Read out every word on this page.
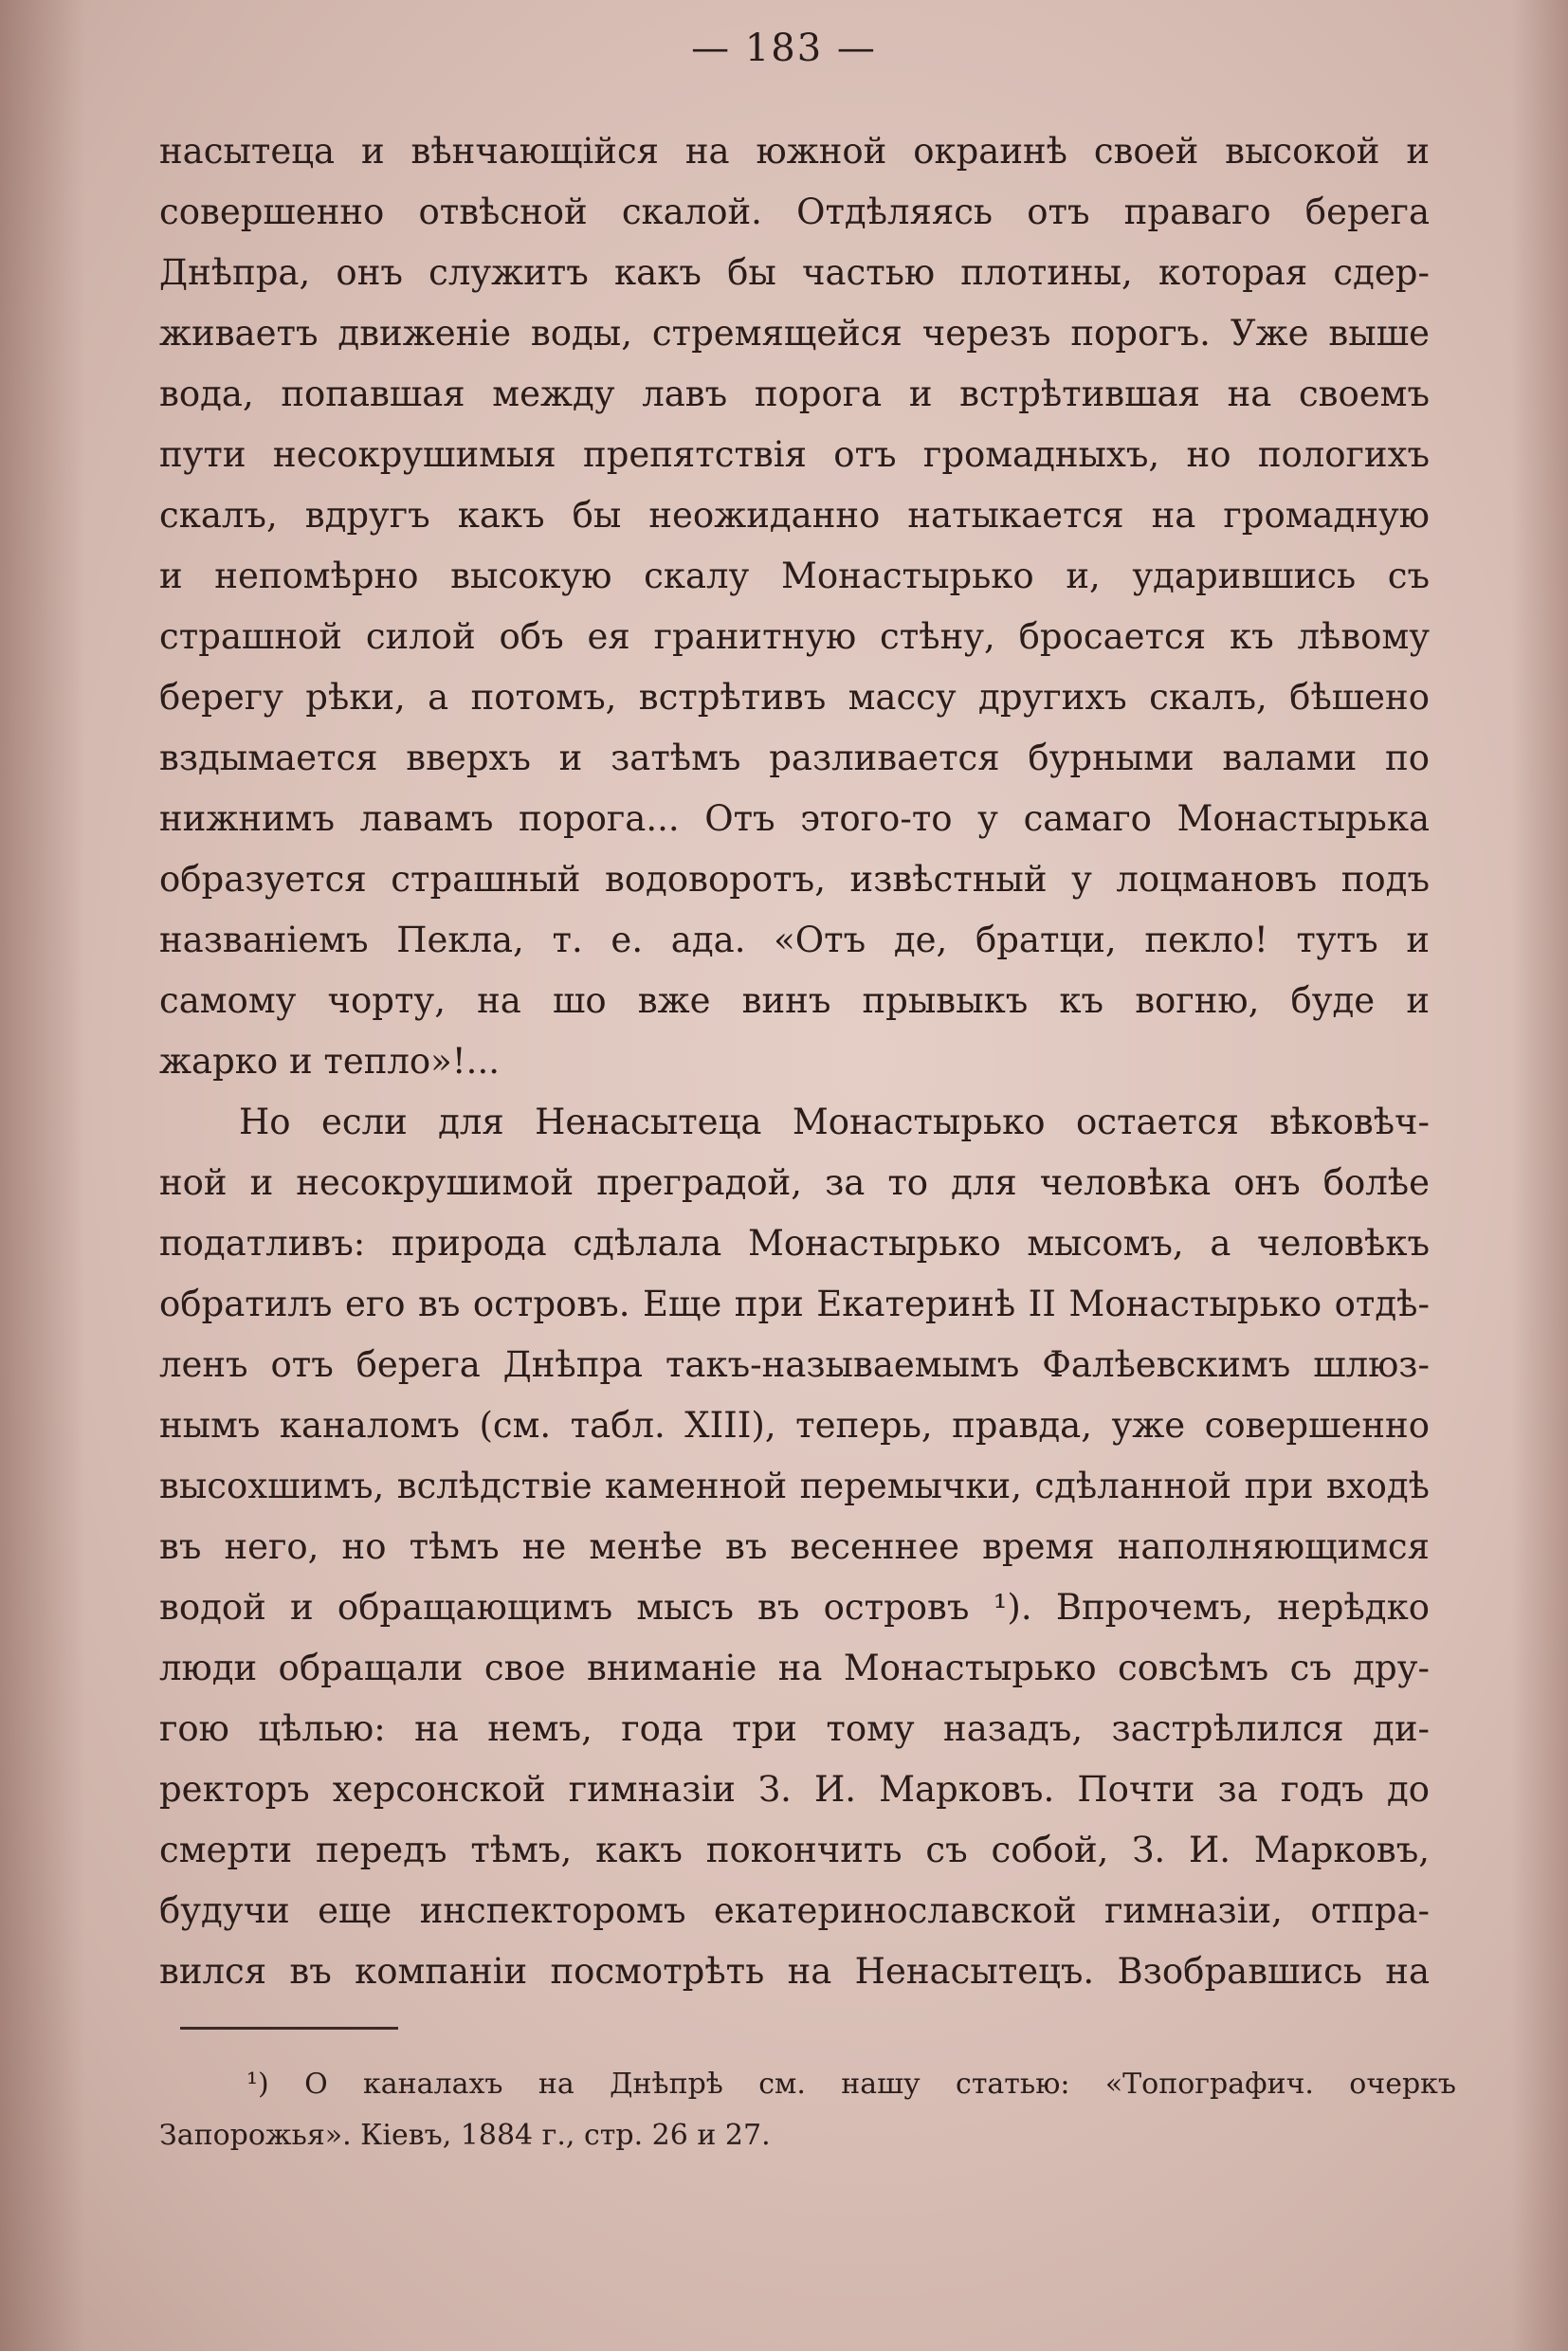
— 183 —
насытеца и вѣнчающійся на южной окраинѣ своей высокой и
совершенно отвѣсной скалой. Отдѣляясь отъ праваго берега
Днѣпра, онъ служитъ какъ бы частью плотины, которая сдер-
живаетъ движеніе воды, стремящейся черезъ порогъ. Уже выше
вода, попавшая между лавъ порога и встрѣтившая на своемъ
пути несокрушимыя препятствія отъ громадныхъ, но пологихъ
скалъ, вдругъ какъ бы неожиданно натыкается на громадную
и непомѣрно высокую скалу Монастырько и, ударившись съ
страшной силой объ ея гранитную стѣну, бросается къ лѣвому
берегу рѣки, а потомъ, встрѣтивъ массу другихъ скалъ, бѣшено
вздымается вверхъ и затѣмъ разливается бурными валами по
нижнимъ лавамъ порога... Отъ этого-то у самаго Монастырька
образуется страшный водоворотъ, извѣстный у лоцмановъ подъ
названіемъ Пекла, т. е. ада. «Отъ де, братци, пекло! тутъ и
самому чорту, на шо вже винъ прывыкъ къ вогню, буде и
жарко и тепло»!...
Но если для Ненасытеца Монастырько остается вѣковѣч-
ной и несокрушимой преградой, за то для человѣка онъ болѣе
податливъ: природа сдѣлала Монастырько мысомъ, а человѣкъ
обратилъ его въ островъ. Еще при Екатеринѣ II Монастырько отдѣ-
ленъ отъ берега Днѣпра такъ-называемымъ Фалѣевскимъ шлюз-
нымъ каналомъ (см. табл. XIII), теперь, правда, уже совершенно
высохшимъ, вслѣдствіе каменной перемычки, сдѣланной при входѣ
въ него, но тѣмъ не менѣе въ весеннее время наполняющимся
водой и обращающимъ мысъ въ островъ ¹). Впрочемъ, нерѣдко
люди обращали свое вниманіе на Монастырько совсѣмъ съ дру-
гою цѣлью: на немъ, года три тому назадъ, застрѣлился ди-
ректоръ херсонской гимназіи З. И. Марковъ. Почти за годъ до
смерти передъ тѣмъ, какъ покончить съ собой, З. И. Марковъ,
будучи еще инспекторомъ екатеринославской гимназіи, отпра-
вился въ компаніи посмотрѣть на Ненасытецъ. Взобравшись на
¹) О каналахъ на Днѣпрѣ см. нашу статью: «Топографич. очеркъ
Запорожья». Кіевъ, 1884 г., стр. 26 и 27.
